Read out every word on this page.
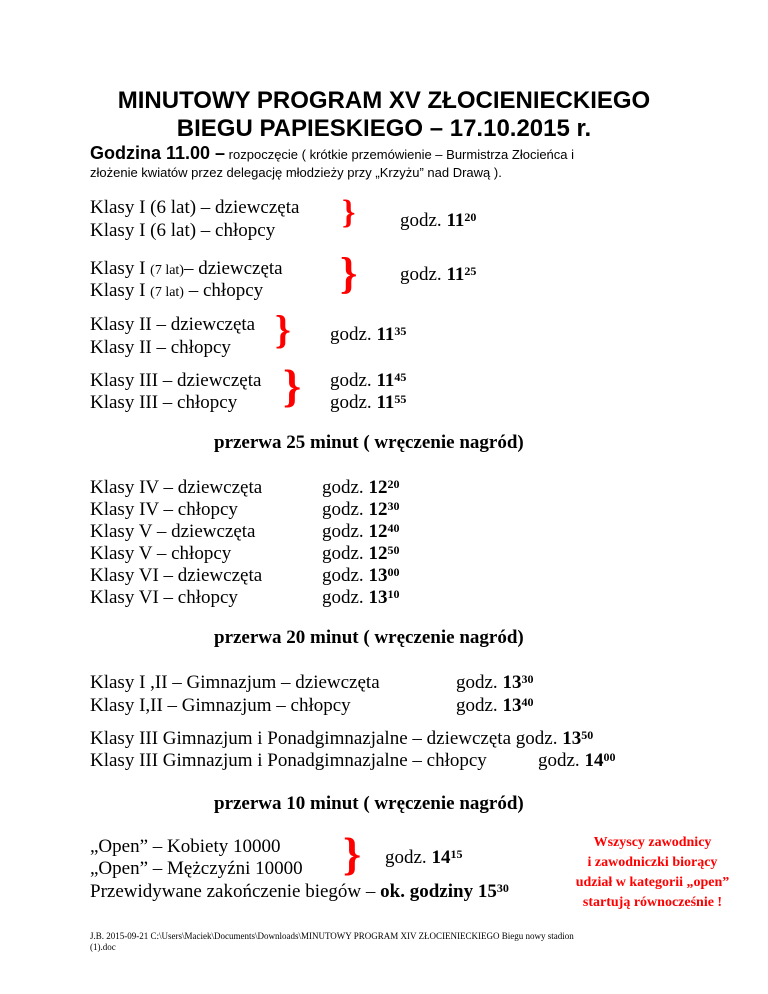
MINUTOWY PROGRAM XV ZŁOCIENIECKIEGO
BIEGU PAPIESKIEGO – 17.10.2015 r.
Godzina 11.00 – rozpoczęcie ( krótkie przemówienie – Burmistrza Złocieńca i
złożenie kwiatów przez delegację młodzieży przy „Krzyżu” nad Drawą ).
Klasy I (6 lat) – dziewczęta
Klasy I (6 lat) – chłopcy } godz. $11^{20}$
Klasy I (7 lat)– dziewczęta
Klasy I (7 lat) – chłopcy } godz. $11^{25}$
Klasy II – dziewczęta
Klasy II – chłopcy } godz. $11^{35}$
Klasy III – dziewczęta
Klasy III – chłopcy } godz. $11^{45}$
godz. $11^{55}$
przerwa 25 minut ( wręczenie nagród)
Klasy IV – dziewczęta
Klasy IV – chłopcy
Klasy V – dziewczęta
Klasy V – chłopcy
Klasy VI – dziewczęta
Klasy VI – chłopcy
godz. $12^{20}$
godz. $12^{30}$
godz. $12^{40}$
godz. $12^{50}$
godz. $13^{00}$
godz. $13^{10}$
przerwa 20 minut ( wręczenie nagród)
Klasy I ,II – Gimnazjum – dziewczęta
Klasy I,II – Gimnazjum – chłopcy
godz. $13^{30}$
godz. $13^{40}$
Klasy III Gimnazjum i Ponadgimnazjalne – dziewczęta godz. $13^{50}$
Klasy III Gimnazjum i Ponadgimnazjalne – chłopcy	godz. $14^{00}$
przerwa 10 minut ( wręczenie nagród)
„Open” – Kobiety 10000
„Open” – Mężczyźni 10000 } godz. $14^{15}$
Przewidywane zakończenie biegów – ok. godziny $15^{30}$
Wszyscy zawodnicy
i zawodniczki biorący
udział w kategorii „open”
startują równocześnie !
J.B. 2015-09-21 C:\Users\Maciek\Documents\Downloads\MINUTOWY PROGRAM XIV ZŁOCIENIECKIEGO Biegu nowy stadion
(1).doc
